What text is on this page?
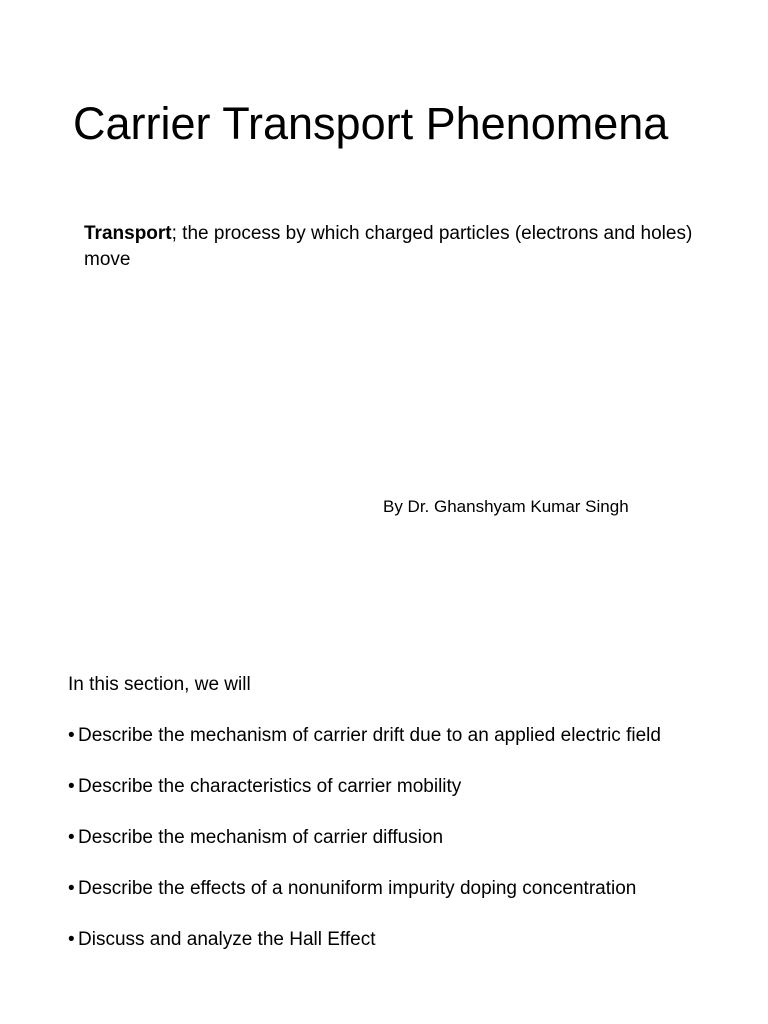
Carrier Transport Phenomena

Transport; the process by which charged particles (electrons and holes) move

By Dr. Ghanshyam Kumar Singh

In this section, we will

• Describe the mechanism of carrier drift due to an applied electric field
• Describe the characteristics of carrier mobility
• Describe the mechanism of carrier diffusion
• Describe the effects of a nonuniform impurity doping concentration
• Discuss and analyze the Hall Effect
